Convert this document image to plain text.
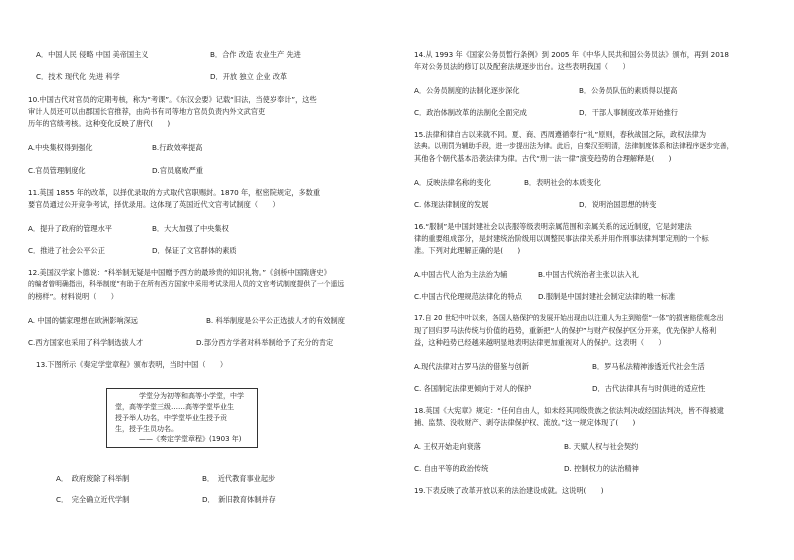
A．中国人民 侵略 中国 美帝国主义	B．合作 改造 农业生产 先进
C．技术 现代化 先进 科学	D．开放 独立 企业 改革
10.中国古代对官员的定期考核，称为“考课”。《东汉会要》记载“旧法，当使岁奉计”，这些
审计人员还可以由郡国长官推荐，由尚书有司等地方官员负责内外文武官吏
历年的官绩考核。这种变化反映了唐代(　　)
A.中央集权得到强化	B.行政效率提高
C.官员管理制度化	D.官员腐败严重
11.英国 1855 年的改革，以择优录取的方式取代官职赐封。1870 年，枢密院规定，多数重
要官员通过公开竞争考试，择优录用。这体现了英国近代文官考试制度（　　）
A．提升了政府的管理水平	B．大大加强了中央集权
C．推进了社会公平公正	D．保证了文官群体的素质
12.美国汉学家卜德说：“科举制无疑是中国赠予西方的最珍贵的知识礼物。”《剑桥中国隋唐史》
的编者曾明确指出，科举制度“有助于在所有西方国家中采用考试录用人员的文官考试制度提供了一个遥远
的榜样”。材料说明（　　）
A. 中国的儒家理想在欧洲影响深远	B. 科举制度是公平公正选拔人才的有效制度
C.西方国家也采用了科学制选拔人才	D.部分西方学者对科举制给予了充分的肯定
13.下图所示《奏定学堂章程》颁布表明，当时中国（　　）
学堂分为初等和高等小学堂，中学
堂，高等学堂三级……高等学堂毕业生
授予举人功名，中学堂毕业生授予贡
生，授予生员功名。
——《奏定学堂章程》(1903 年)
A．　政府废除了科举制	B．　近代教育事业起步
C．　完全确立近代学制	D．　新旧教育体制并存
14.从 1993 年《国家公务员暂行条例》到 2005 年《中华人民共和国公务员法》颁布，再到 2018
年对公务员法的修订以及配套法规逐步出台。这些表明我国（　　）
A．公务员制度的法制化逐步深化	B．公务员队伍的素质得以提高
C．政治体制改革的法制化全面完成	D．干部人事制度改革开始推行
15.法律和律自古以来就不同。夏、商、西周遵循奉行“礼”原则，春秋战国之际，政权法律为
法典。以刑罚为辅助手段，进一步提出法为律。此后，自秦汉至明清，法律制度体系和法律程序逐步完善，
其他各个朝代基本沿袭法律为律。古代“刑一法一律”演变趋势的合理解释是(　　)
A．反映法律名称的变化	B．表明社会的本质变化
C. 体现法律制度的发展	D．说明治国思想的转变
16.“服制”是中国封建社会以丧服等级表明亲属范围和亲属关系的远近制度，它是封建法
律的重要组成部分，是封建统治阶级用以调整民事法律关系并用作刑事法律判罪定刑的一个标
准。下列对此理解正确的是(　　)
A.中国古代人治为主法治为辅	B.中国古代统治者主张以法入礼
C.中国古代伦理规范法律化的特点 D.服制是中国封建社会制定法律的唯一标准
17.自 20 世纪中叶以来，各国人格保护的发展开始出现由以注重人为主到赔偿“一体”的损害赔偿观念出
现了回归罗马法传统与价值的趋势，重新把“人的保护”与财产权保护区分开来，优先保护人格利
益，这种趋势已经越来越明显地表明法律更加重视对人的保护。这表明（　　）
A.现代法律对古罗马法的借鉴与创新	B．罗马私法精神渗透近代社会生活
C. 各国制定法律更倾向于对人的保护	D．古代法律具有与时俱进的适应性
18.英国《大宪章》规定：“任何自由人，如未经其同级贵族之依法判决或经国法判决，皆不得被逮
捕、监禁、没收财产、剥夺法律保护权、流放。”这一规定体现了(　　)
A. 王权开始走向衰落	B. 天赋人权与社会契约
C. 自由平等的政治传统	D. 控制权力的法治精神
19.下表反映了改革开放以来的法治建设成就。这说明(　　)
